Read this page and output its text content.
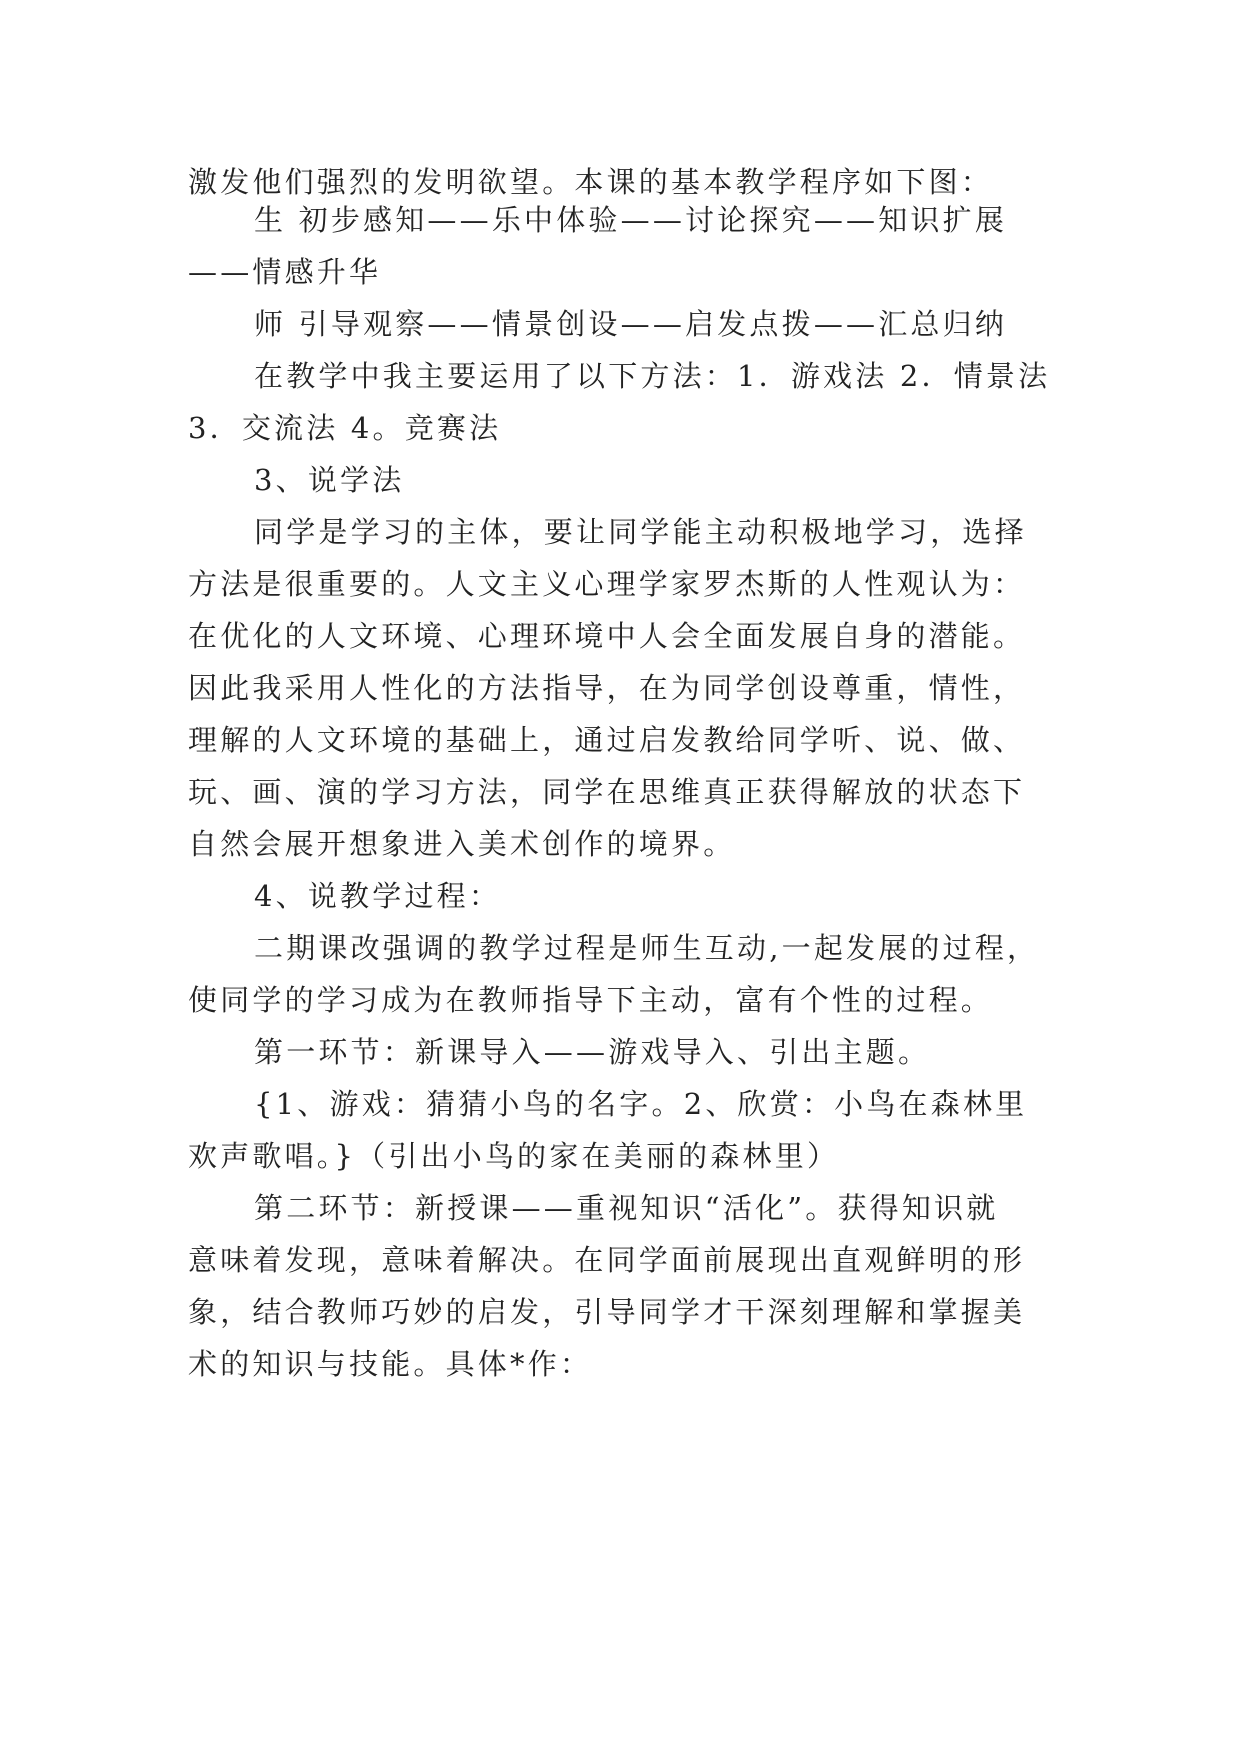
激发他们强烈的发明欲望。本课的基本教学程序如下图：
生 初步感知——乐中体验——讨论探究——知识扩展
——情感升华
师 引导观察——情景创设——启发点拨——汇总归纳
在教学中我主要运用了以下方法：1．游戏法 2．情景法
3．交流法 4。竞赛法
3、说学法
同学是学习的主体，要让同学能主动积极地学习，选择
方法是很重要的。人文主义心理学家罗杰斯的人性观认为：
在优化的人文环境、心理环境中人会全面发展自身的潜能。
因此我采用人性化的方法指导，在为同学创设尊重，情性，
理解的人文环境的基础上，通过启发教给同学听、说、做、
玩、画、演的学习方法，同学在思维真正获得解放的状态下
自然会展开想象进入美术创作的境界。
4、说教学过程：
二期课改强调的教学过程是师生互动,一起发展的过程，
使同学的学习成为在教师指导下主动，富有个性的过程。
第一环节：新课导入——游戏导入、引出主题。
{1、游戏：猜猜小鸟的名字。2、欣赏：小鸟在森林里
欢声歌唱。}（引出小鸟的家在美丽的森林里）
第二环节：新授课——重视知识“活化”。获得知识就
意味着发现，意味着解决。在同学面前展现出直观鲜明的形
象，结合教师巧妙的启发，引导同学才干深刻理解和掌握美
术的知识与技能。具体*作：
